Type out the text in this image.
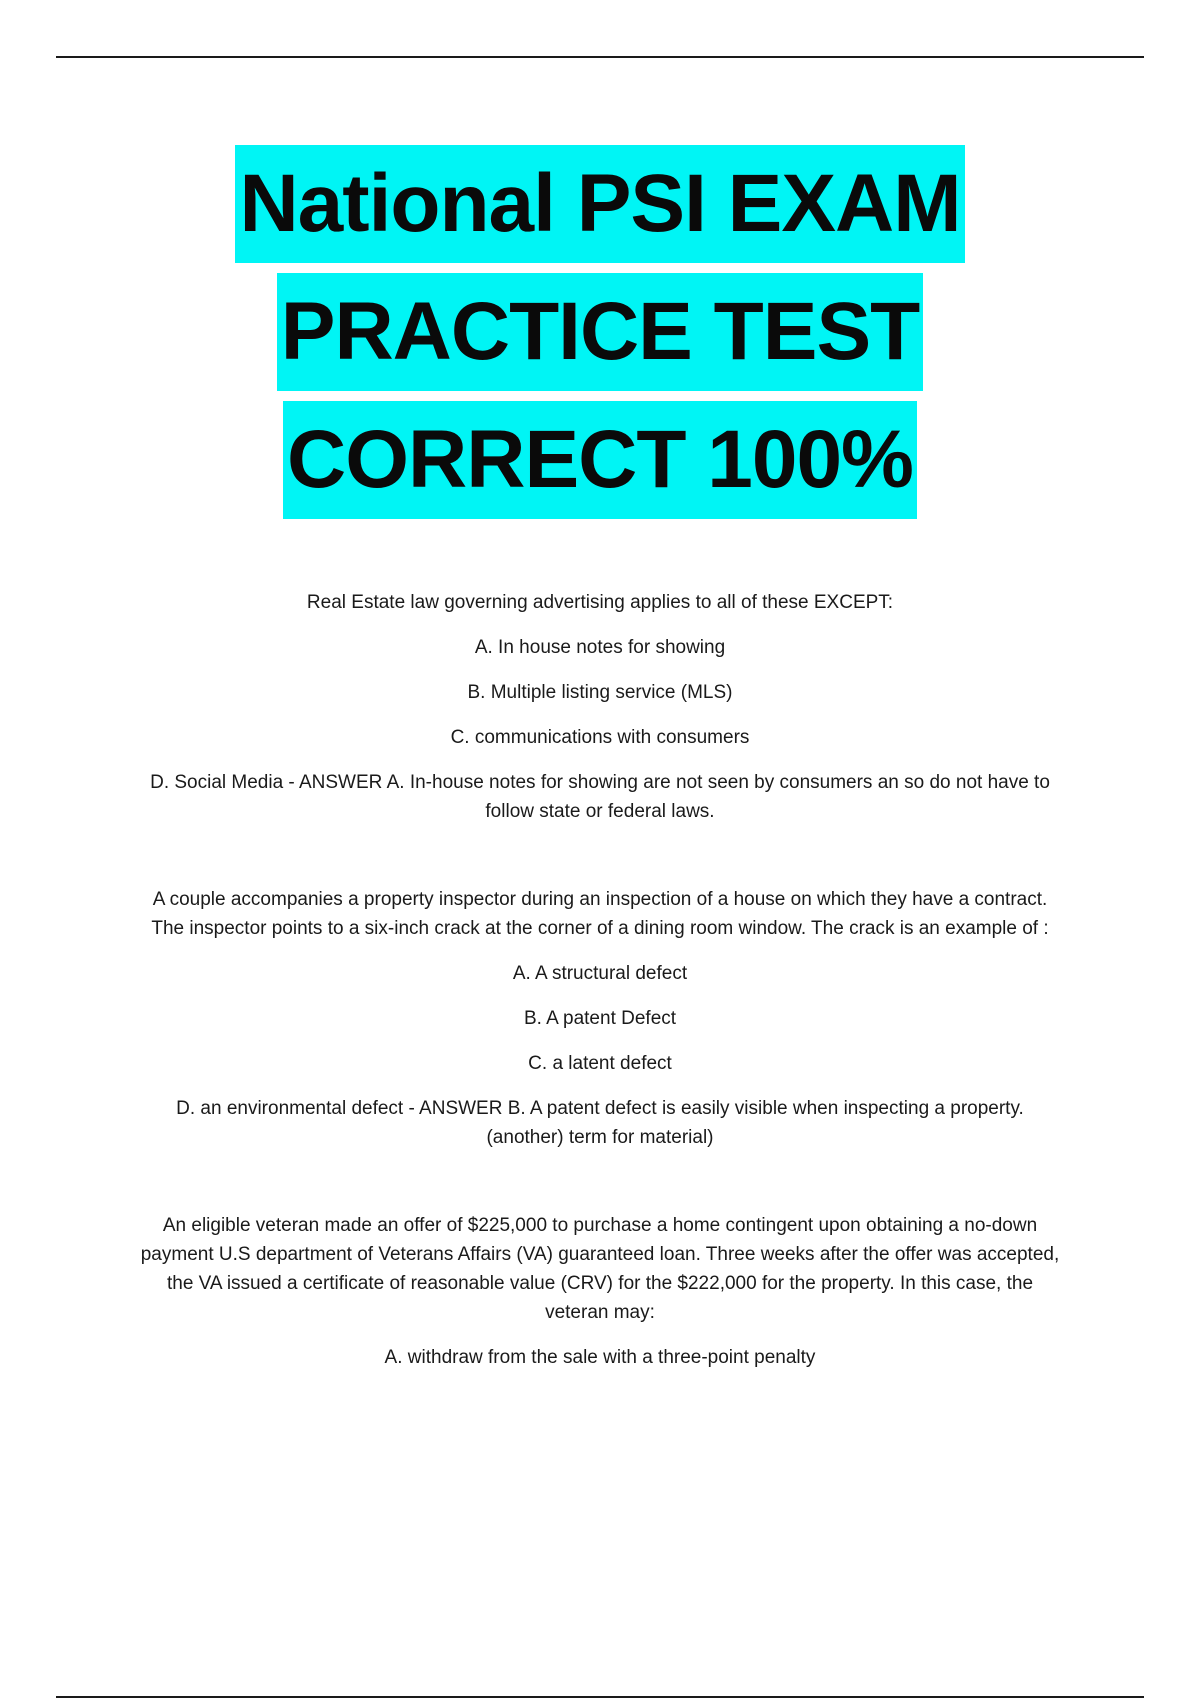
National PSI EXAM
PRACTICE TEST
CORRECT 100%

Real Estate law governing advertising applies to all of these EXCEPT:

A. In house notes for showing

B. Multiple listing service (MLS)

C. communications with consumers

D. Social Media - ANSWER A. In-house notes for showing are not seen by consumers an so do not have to follow state or federal laws.

A couple accompanies a property inspector during an inspection of a house on which they have a contract. The inspector points to a six-inch crack at the corner of a dining room window. The crack is an example of :

A. A structural defect

B. A patent Defect

C. a latent defect

D. an environmental defect - ANSWER B. A patent defect is easily visible when inspecting a property. (another) term for material)

An eligible veteran made an offer of $225,000 to purchase a home contingent upon obtaining a no-down payment U.S department of Veterans Affairs (VA) guaranteed loan. Three weeks after the offer was accepted, the VA issued a certificate of reasonable value (CRV) for the $222,000 for the property. In this case, the veteran may:

A. withdraw from the sale with a three-point penalty
